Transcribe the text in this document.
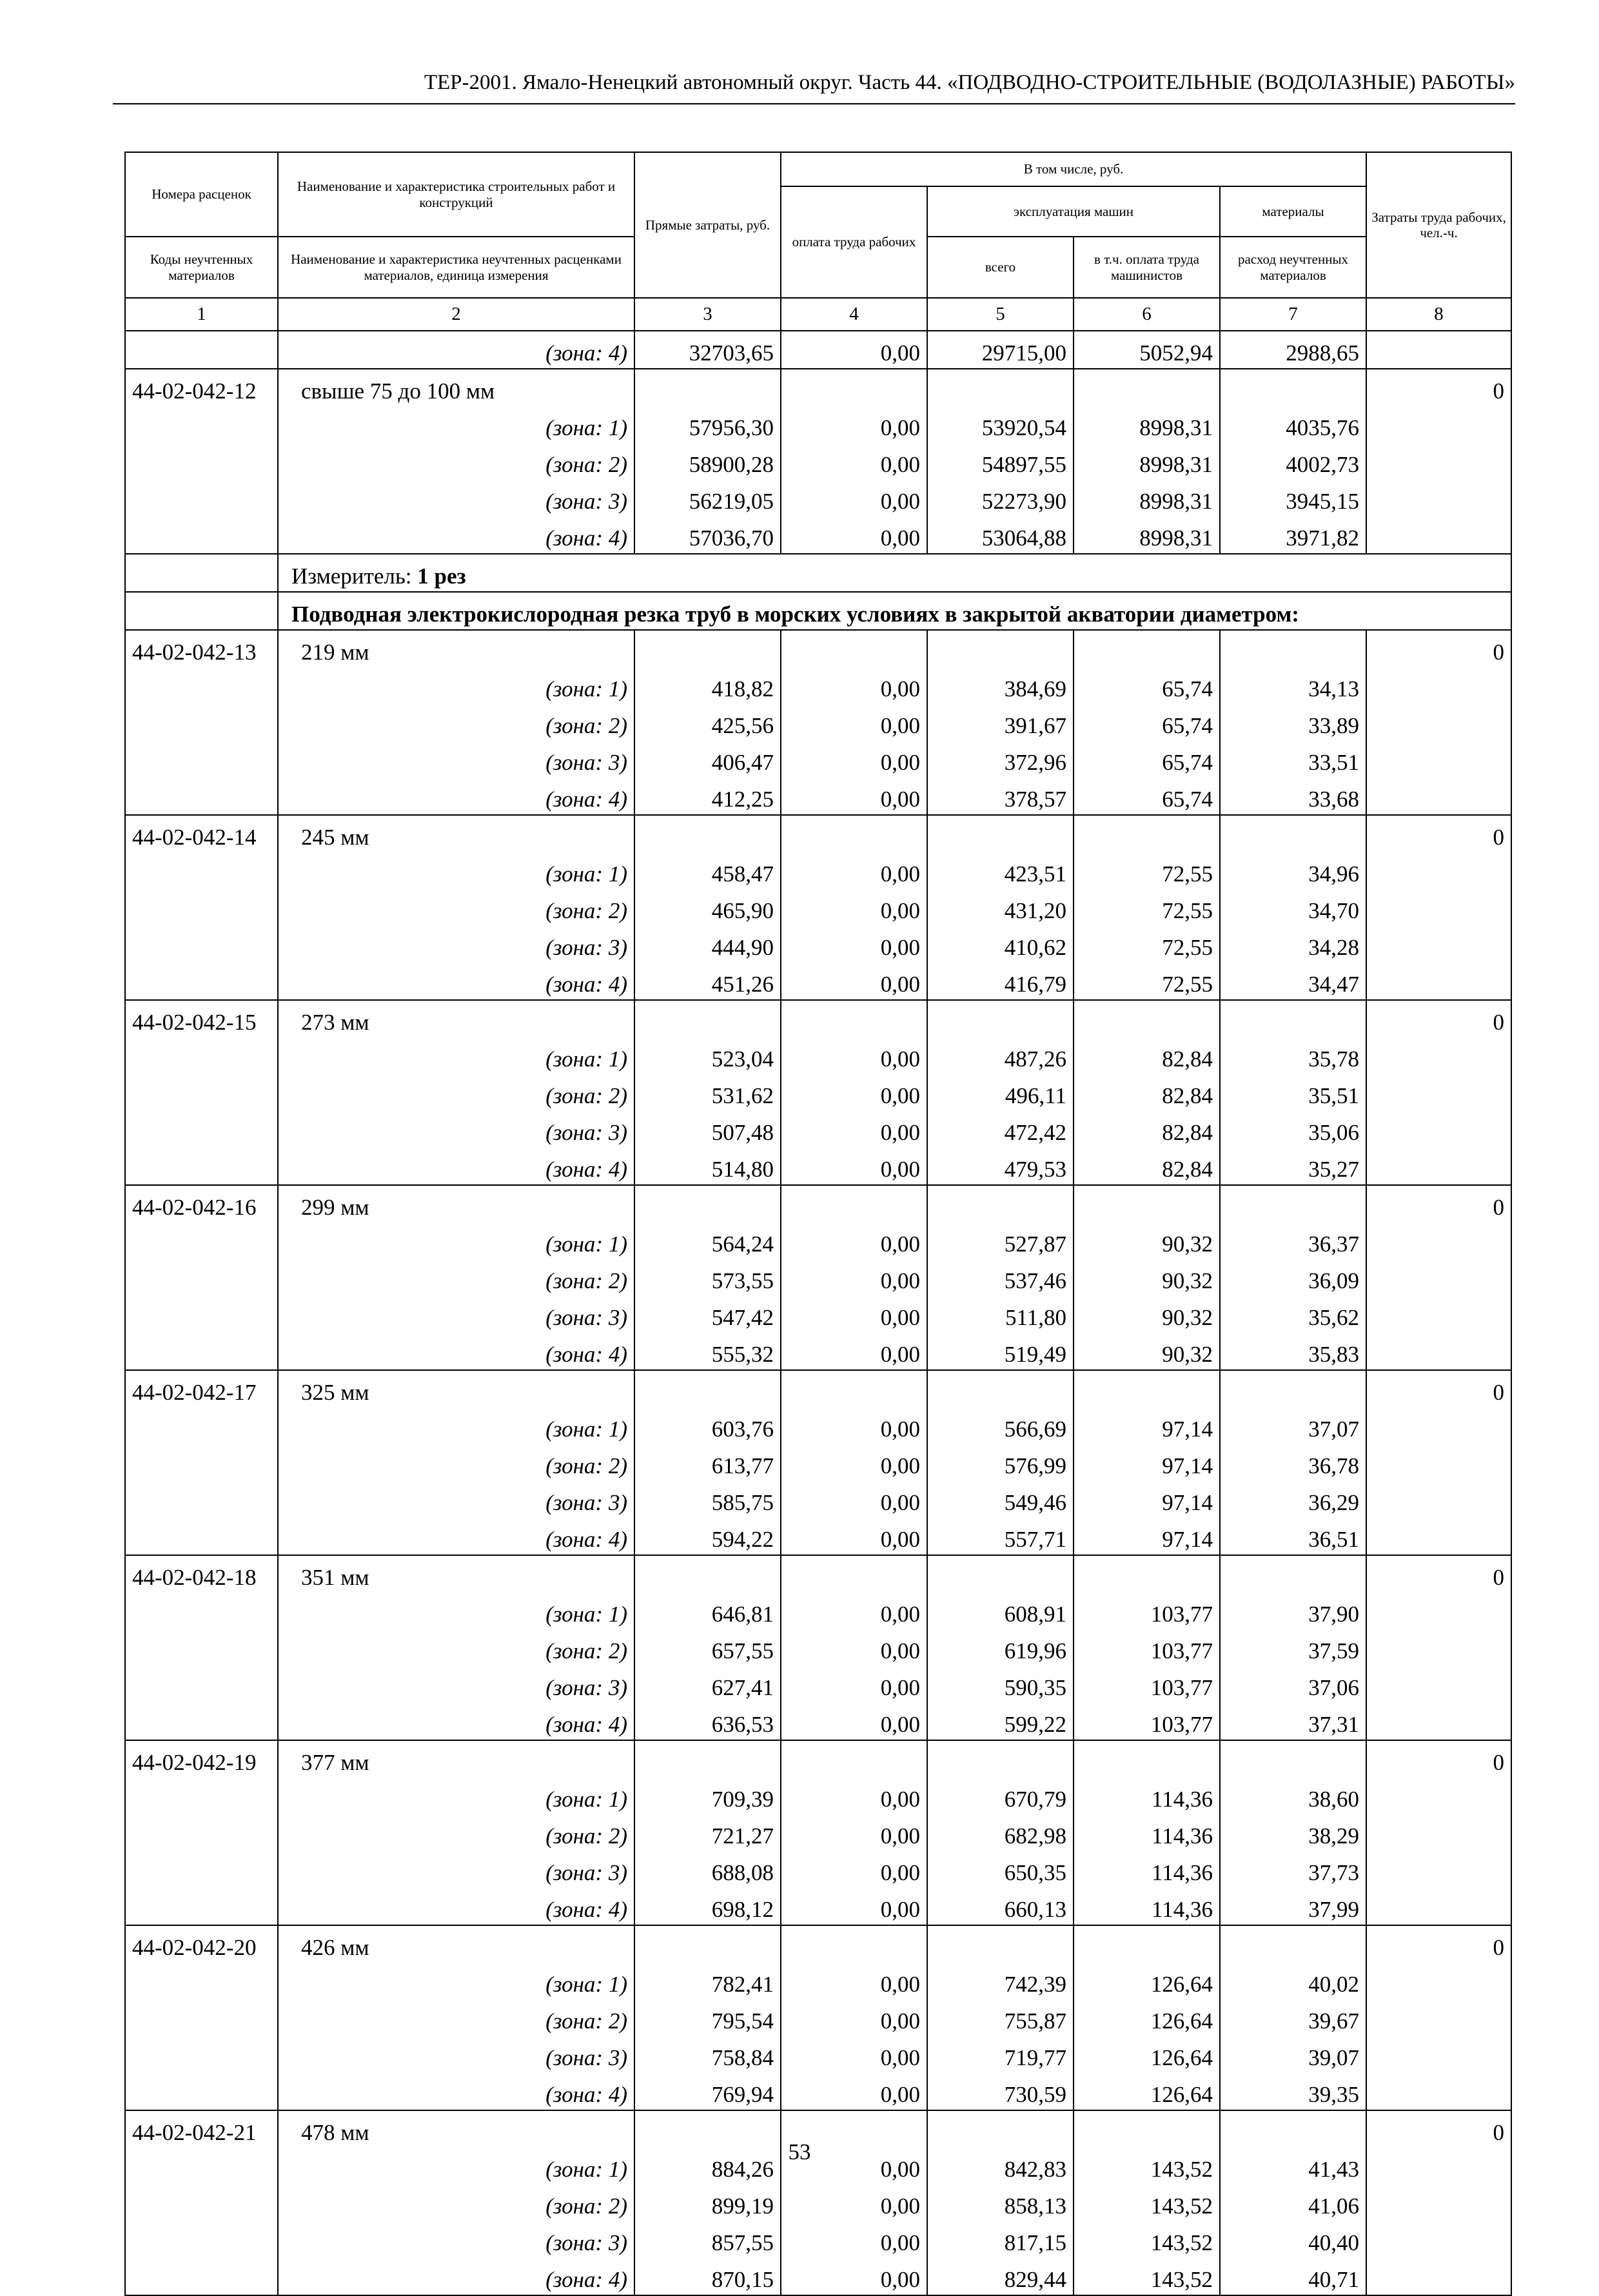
ТЕР-2001. Ямало-Ненецкий автономный округ. Часть 44. «ПОДВОДНО-СТРОИТЕЛЬНЫЕ (ВОДОЛАЗНЫЕ) РАБОТЫ»
Номера расценок	Наименование и характеристика строительных работ и конструкций	Прямые затраты, руб.	В том числе, руб.				Затраты труда рабочих, чел.-ч.
			оплата труда рабочих	эксплуатация машин		материалы	
Коды неучтенных материалов	Наименование и характеристика неучтенных расценками материалов, единица измерения			всего	в т.ч. оплата труда машинистов	расход неучтенных материалов	
1	2	3	4	5	6	7	8
	(зона: 4)	32703,65	0,00	29715,00	5052,94	2988,65	
44-02-042-12	свыше 75 до 100 мм						0
	(зона: 1)	57956,30	0,00	53920,54	8998,31	4035,76	
	(зона: 2)	58900,28	0,00	54897,55	8998,31	4002,73	
	(зона: 3)	56219,05	0,00	52273,90	8998,31	3945,15	
	(зона: 4)	57036,70	0,00	53064,88	8998,31	3971,82	
	Измеритель: 1 рез						
	Подводная электрокислородная резка труб в морских условиях в закрытой акватории диаметром:						
44-02-042-13	219 мм						0
	(зона: 1)	418,82	0,00	384,69	65,74	34,13	
	(зона: 2)	425,56	0,00	391,67	65,74	33,89	
	(зона: 3)	406,47	0,00	372,96	65,74	33,51	
	(зона: 4)	412,25	0,00	378,57	65,74	33,68	
44-02-042-14	245 мм						0
	(зона: 1)	458,47	0,00	423,51	72,55	34,96	
	(зона: 2)	465,90	0,00	431,20	72,55	34,70	
	(зона: 3)	444,90	0,00	410,62	72,55	34,28	
	(зона: 4)	451,26	0,00	416,79	72,55	34,47	
44-02-042-15	273 мм						0
	(зона: 1)	523,04	0,00	487,26	82,84	35,78	
	(зона: 2)	531,62	0,00	496,11	82,84	35,51	
	(зона: 3)	507,48	0,00	472,42	82,84	35,06	
	(зона: 4)	514,80	0,00	479,53	82,84	35,27	
44-02-042-16	299 мм						0
	(зона: 1)	564,24	0,00	527,87	90,32	36,37	
	(зона: 2)	573,55	0,00	537,46	90,32	36,09	
	(зона: 3)	547,42	0,00	511,80	90,32	35,62	
	(зона: 4)	555,32	0,00	519,49	90,32	35,83	
44-02-042-17	325 мм						0
	(зона: 1)	603,76	0,00	566,69	97,14	37,07	
	(зона: 2)	613,77	0,00	576,99	97,14	36,78	
	(зона: 3)	585,75	0,00	549,46	97,14	36,29	
	(зона: 4)	594,22	0,00	557,71	97,14	36,51	
44-02-042-18	351 мм						0
	(зона: 1)	646,81	0,00	608,91	103,77	37,90	
	(зона: 2)	657,55	0,00	619,96	103,77	37,59	
	(зона: 3)	627,41	0,00	590,35	103,77	37,06	
	(зона: 4)	636,53	0,00	599,22	103,77	37,31	
44-02-042-19	377 мм						0
	(зона: 1)	709,39	0,00	670,79	114,36	38,60	
	(зона: 2)	721,27	0,00	682,98	114,36	38,29	
	(зона: 3)	688,08	0,00	650,35	114,36	37,73	
	(зона: 4)	698,12	0,00	660,13	114,36	37,99	
44-02-042-20	426 мм						0
	(зона: 1)	782,41	0,00	742,39	126,64	40,02	
	(зона: 2)	795,54	0,00	755,87	126,64	39,67	
	(зона: 3)	758,84	0,00	719,77	126,64	39,07	
	(зона: 4)	769,94	0,00	730,59	126,64	39,35	
44-02-042-21	478 мм						0
	(зона: 1)	884,26	0,00	842,83	143,52	41,43	
	(зона: 2)	899,19	0,00	858,13	143,52	41,06	
	(зона: 3)	857,55	0,00	817,15	143,52	40,40	
	(зона: 4)	870,15	0,00	829,44	143,52	40,71	
53
